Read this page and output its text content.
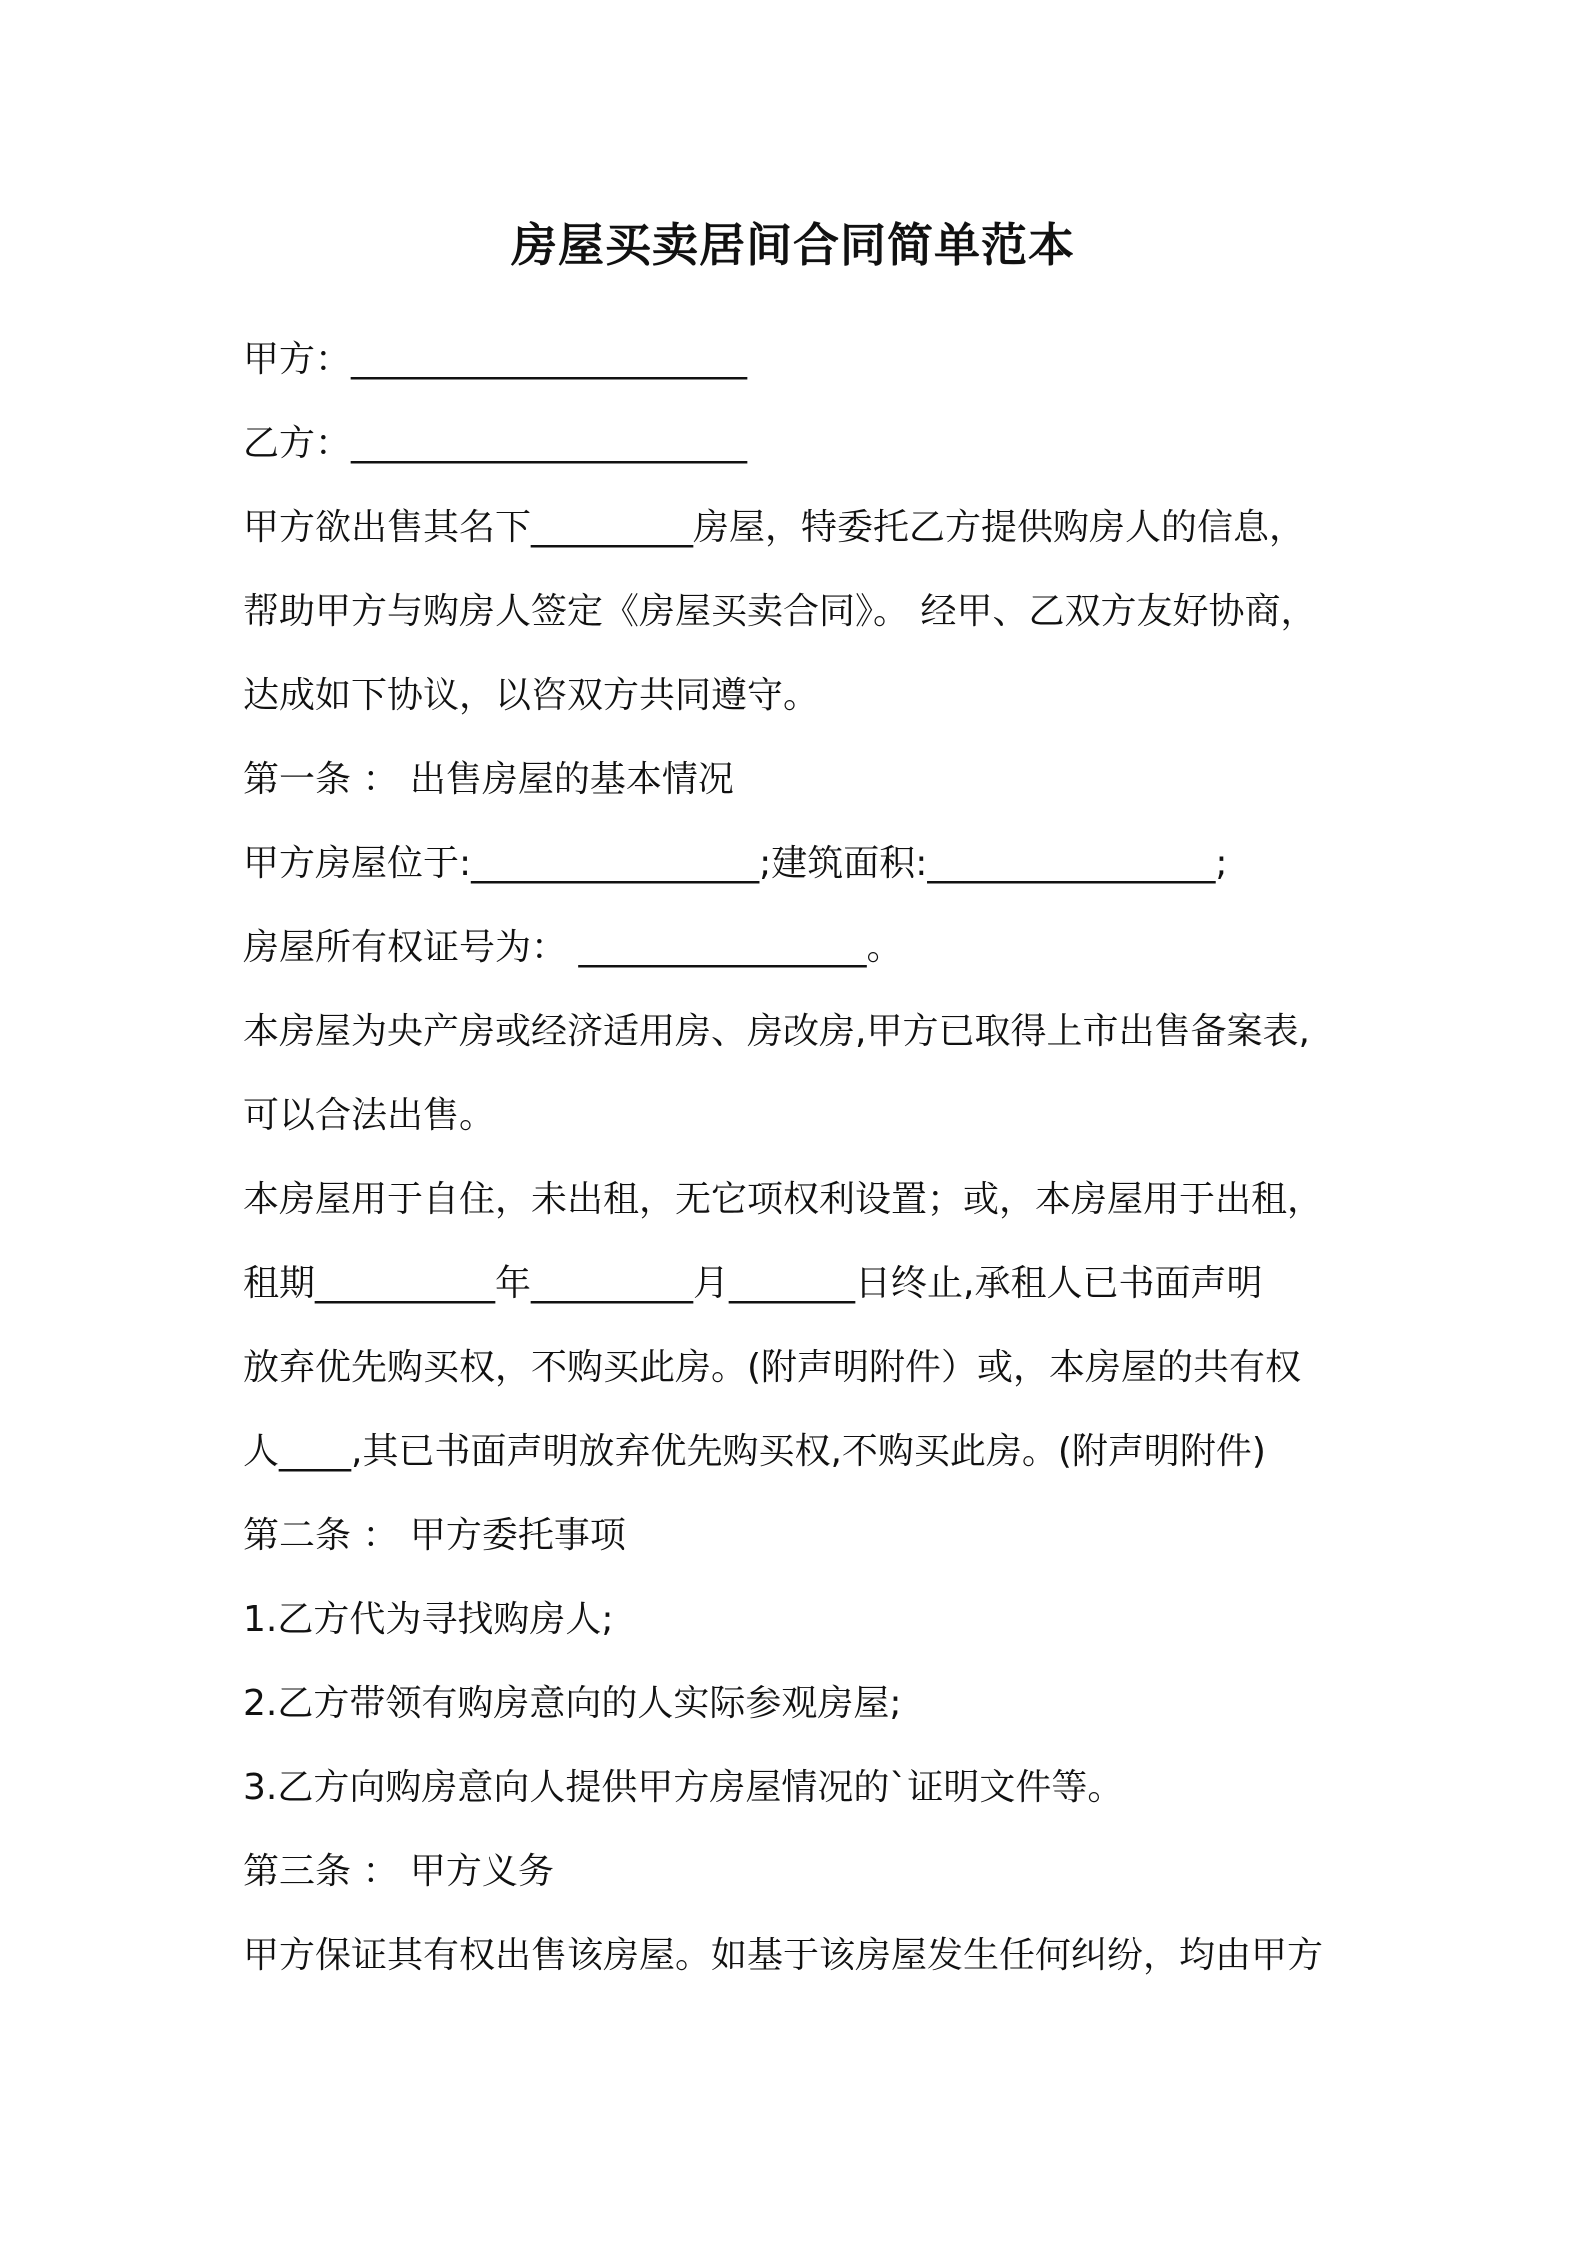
房屋买卖居间合同简单范本
甲方：______________________
乙方：______________________
甲方欲出售其名下_________房屋，特委托乙方提供购房人的信息，
帮助甲方与购房人签定《房屋买卖合同》。 经甲、乙双方友好协商，
达成如下协议，以咨双方共同遵守。
第一条 ： 出售房屋的基本情况
甲方房屋位于:________________;建筑面积:________________;
房屋所有权证号为： ________________。
本房屋为央产房或经济适用房、房改房,甲方已取得上市出售备案表,
可以合法出售。
本房屋用于自住，未出租，无它项权利设置；或，本房屋用于出租，
租期__________年_________月_______日终止,承租人已书面声明
放弃优先购买权，不购买此房。(附声明附件）或，本房屋的共有权
人____,其已书面声明放弃优先购买权,不购买此房。(附声明附件)
第二条 ： 甲方委托事项
1.乙方代为寻找购房人;
2.乙方带领有购房意向的人实际参观房屋;
3.乙方向购房意向人提供甲方房屋情况的`证明文件等。
第三条 ： 甲方义务
甲方保证其有权出售该房屋。如基于该房屋发生任何纠纷，均由甲方
